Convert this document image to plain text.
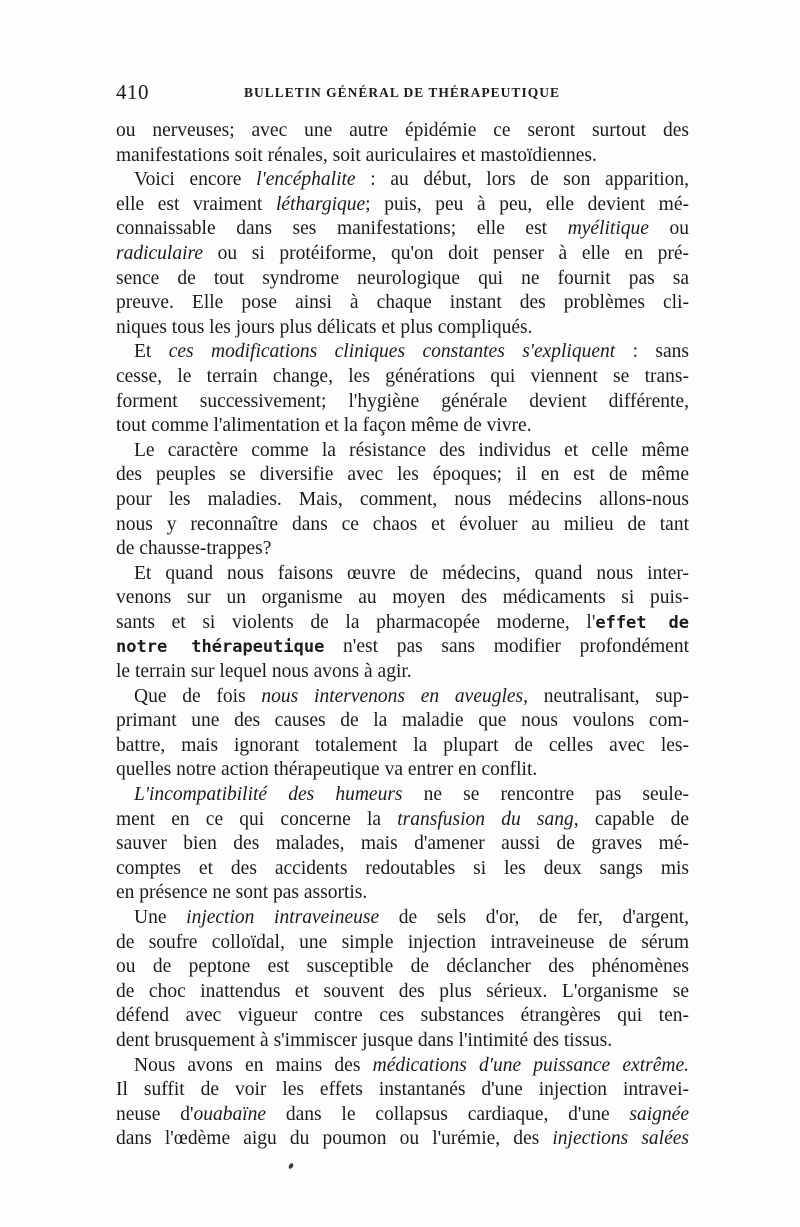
410	BULLETIN GÉNÉRAL DE THÉRAPEUTIQUE
ou nerveuses; avec une autre épidémie ce seront surtout des
manifestations soit rénales, soit auriculaires et mastoïdiennes.
Voici encore l'encéphalite : au début, lors de son apparition,
elle est vraiment léthargique; puis, peu à peu, elle devient mé-
connaissable dans ses manifestations; elle est myélitique ou
radiculaire ou si protéiforme, qu'on doit penser à elle en pré-
sence de tout syndrome neurologique qui ne fournit pas sa
preuve. Elle pose ainsi à chaque instant des problèmes cli-
niques tous les jours plus délicats et plus compliqués.
Et ces modifications cliniques constantes s'expliquent : sans
cesse, le terrain change, les générations qui viennent se trans-
forment successivement; l'hygiène générale devient différente,
tout comme l'alimentation et la façon même de vivre.
Le caractère comme la résistance des individus et celle même
des peuples se diversifie avec les époques; il en est de même
pour les maladies. Mais, comment, nous médecins allons-nous
nous y reconnaître dans ce chaos et évoluer au milieu de tant
de chausse-trappes?
Et quand nous faisons œuvre de médecins, quand nous inter-
venons sur un organisme au moyen des médicaments si puis-
sants et si violents de la pharmacopée moderne, l'effet de
notre thérapeutique n'est pas sans modifier profondément
le terrain sur lequel nous avons à agir.
Que de fois nous intervenons en aveugles, neutralisant, sup-
primant une des causes de la maladie que nous voulons com-
battre, mais ignorant totalement la plupart de celles avec les-
quelles notre action thérapeutique va entrer en conflit.
L'incompatibilité des humeurs ne se rencontre pas seule-
ment en ce qui concerne la transfusion du sang, capable de
sauver bien des malades, mais d'amener aussi de graves mé-
comptes et des accidents redoutables si les deux sangs mis
en présence ne sont pas assortis.
Une injection intraveineuse de sels d'or, de fer, d'argent,
de soufre colloïdal, une simple injection intraveineuse de sérum
ou de peptone est susceptible de déclancher des phénomènes
de choc inattendus et souvent des plus sérieux. L'organisme se
défend avec vigueur contre ces substances étrangères qui ten-
dent brusquement à s'immiscer jusque dans l'intimité des tissus.
Nous avons en mains des médications d'une puissance extrême.
Il suffit de voir les effets instantanés d'une injection intravei-
neuse d'ouabaïne dans le collapsus cardiaque, d'une saignée
dans l'œdème aigu du poumon ou l'urémie, des injections salées
